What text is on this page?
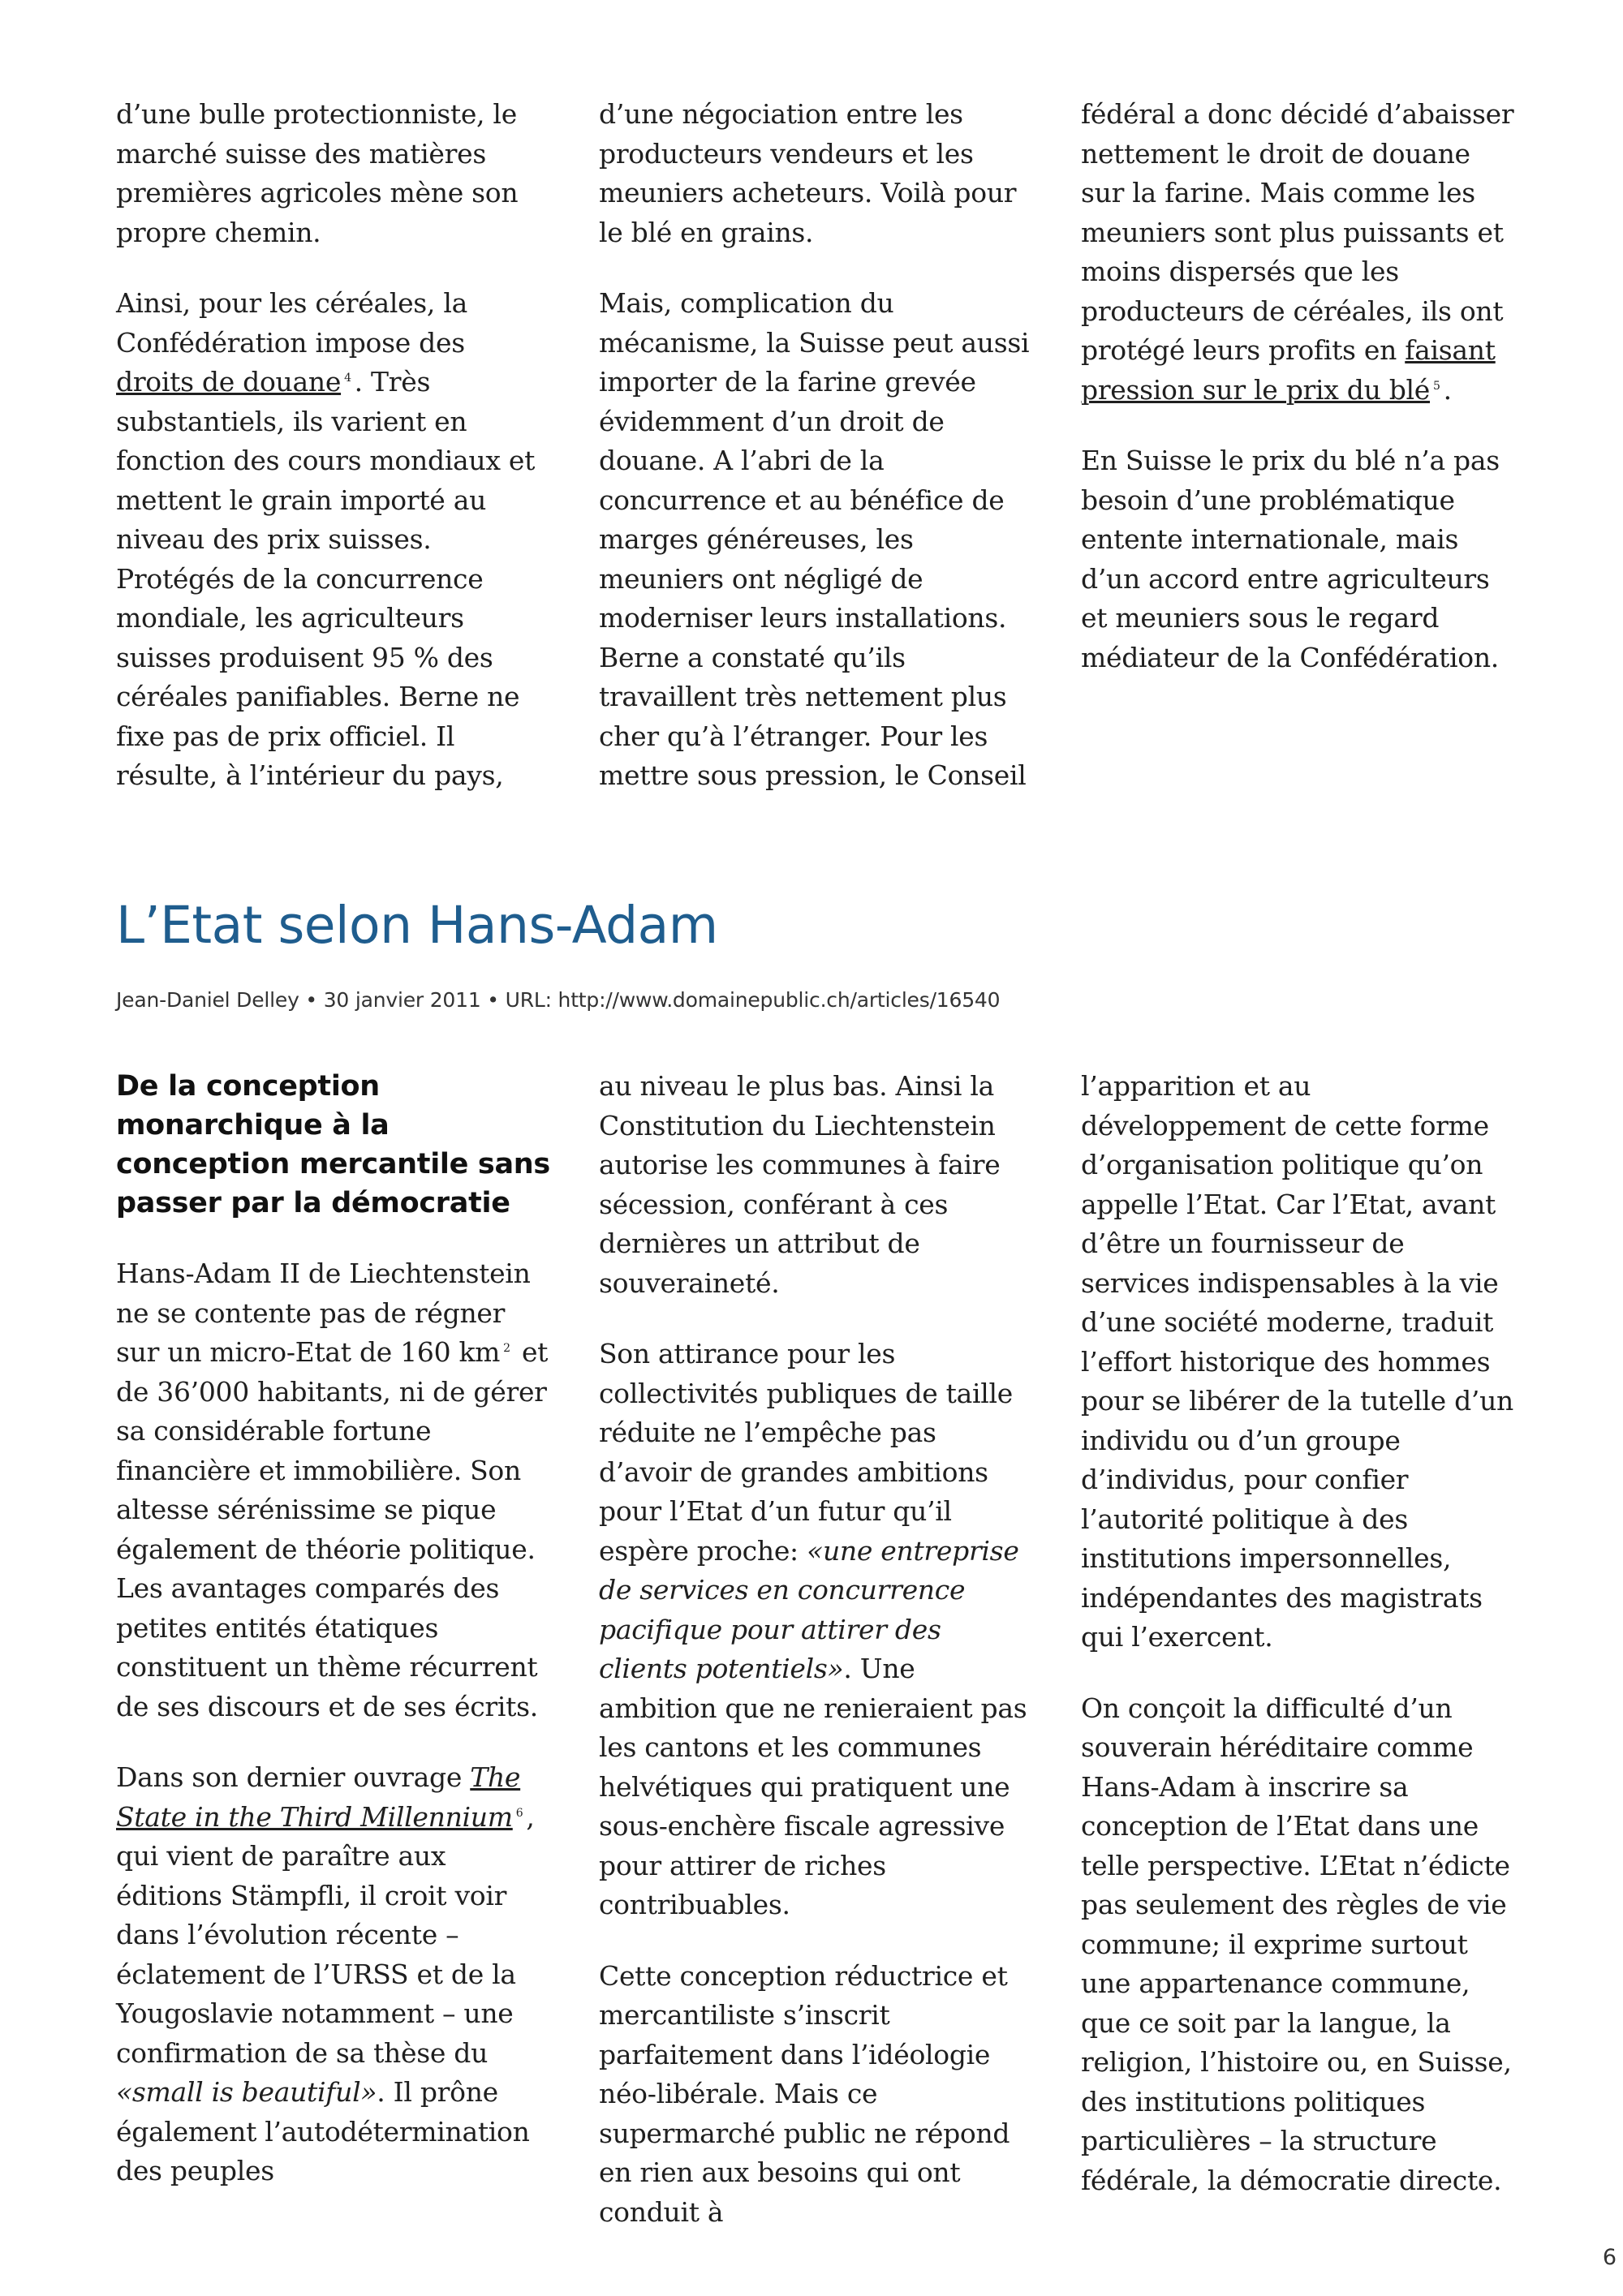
d’une bulle protectionniste, le marché suisse des matières premières agricoles mène son propre chemin.

Ainsi, pour les céréales, la Confédération impose des droits de douane $^4$ . Très substantiels, ils varient en fonction des cours mondiaux et mettent le grain importé au niveau des prix suisses. Protégés de la concurrence mondiale, les agriculteurs suisses produisent 95 % des céréales panifiables. Berne ne fixe pas de prix officiel. Il résulte, à l’intérieur du pays,

d’une négociation entre les producteurs vendeurs et les meuniers acheteurs. Voilà pour le blé en grains.

Mais, complication du mécanisme, la Suisse peut aussi importer de la farine grevée évidemment d’un droit de douane. A l’abri de la concurrence et au bénéfice de marges généreuses, les meuniers ont négligé de moderniser leurs installations. Berne a constaté qu’ils travaillent très nettement plus cher qu’à l’étranger. Pour les mettre sous pression, le Conseil

fédéral a donc décidé d’abaisser nettement le droit de douane sur la farine. Mais comme les meuniers sont plus puissants et moins dispersés que les producteurs de céréales, ils ont protégé leurs profits en faisant pression sur le prix du blé $^5$ .

En Suisse le prix du blé n’a pas besoin d’une problématique entente internationale, mais d’un accord entre agriculteurs et meuniers sous le regard médiateur de la Confédération.

L’Etat selon Hans-Adam
Jean-Daniel Delley • 30 janvier 2011 • URL: http://www.domainepublic.ch/articles/16540
De la conception monarchique à la conception mercantile sans passer par la démocratie

Hans-Adam II de Liechtenstein ne se contente pas de régner sur un micro-Etat de 160 km $^2$ et de 36’000 habitants, ni de gérer sa considérable fortune financière et immobilière. Son altesse sérénissime se pique également de théorie politique. Les avantages comparés des petites entités étatiques constituent un thème récurrent de ses discours et de ses écrits.

Dans son dernier ouvrage The State in the Third Millennium $^6$ , qui vient de paraître aux éditions Stämpfli, il croit voir dans l’évolution récente – éclatement de l’URSS et de la Yougoslavie notamment – une confirmation de sa thèse du «small is beautiful». Il prône également l’autodétermination des peuples

au niveau le plus bas. Ainsi la Constitution du Liechtenstein autorise les communes à faire sécession, conférant à ces dernières un attribut de souveraineté.

Son attirance pour les collectivités publiques de taille réduite ne l’empêche pas d’avoir de grandes ambitions pour l’Etat d’un futur qu’il espère proche: «une entreprise de services en concurrence pacifique pour attirer des clients potentiels». Une ambition que ne renieraient pas les cantons et les communes helvétiques qui pratiquent une sous-enchère fiscale agressive pour attirer de riches contribuables.

Cette conception réductrice et mercantiliste s’inscrit parfaitement dans l’idéologie néo-libérale. Mais ce supermarché public ne répond en rien aux besoins qui ont conduit à

l’apparition et au développement de cette forme d’organisation politique qu’on appelle l’Etat. Car l’Etat, avant d’être un fournisseur de services indispensables à la vie d’une société moderne, traduit l’effort historique des hommes pour se libérer de la tutelle d’un individu ou d’un groupe d’individus, pour confier l’autorité politique à des institutions impersonnelles, indépendantes des magistrats qui l’exercent.

On conçoit la difficulté d’un souverain héréditaire comme Hans-Adam à inscrire sa conception de l’Etat dans une telle perspective. L’Etat n’édicte pas seulement des règles de vie commune; il exprime surtout une appartenance commune, que ce soit par la langue, la religion, l’histoire ou, en Suisse, des institutions politiques particulières – la structure fédérale, la démocratie directe.

6
